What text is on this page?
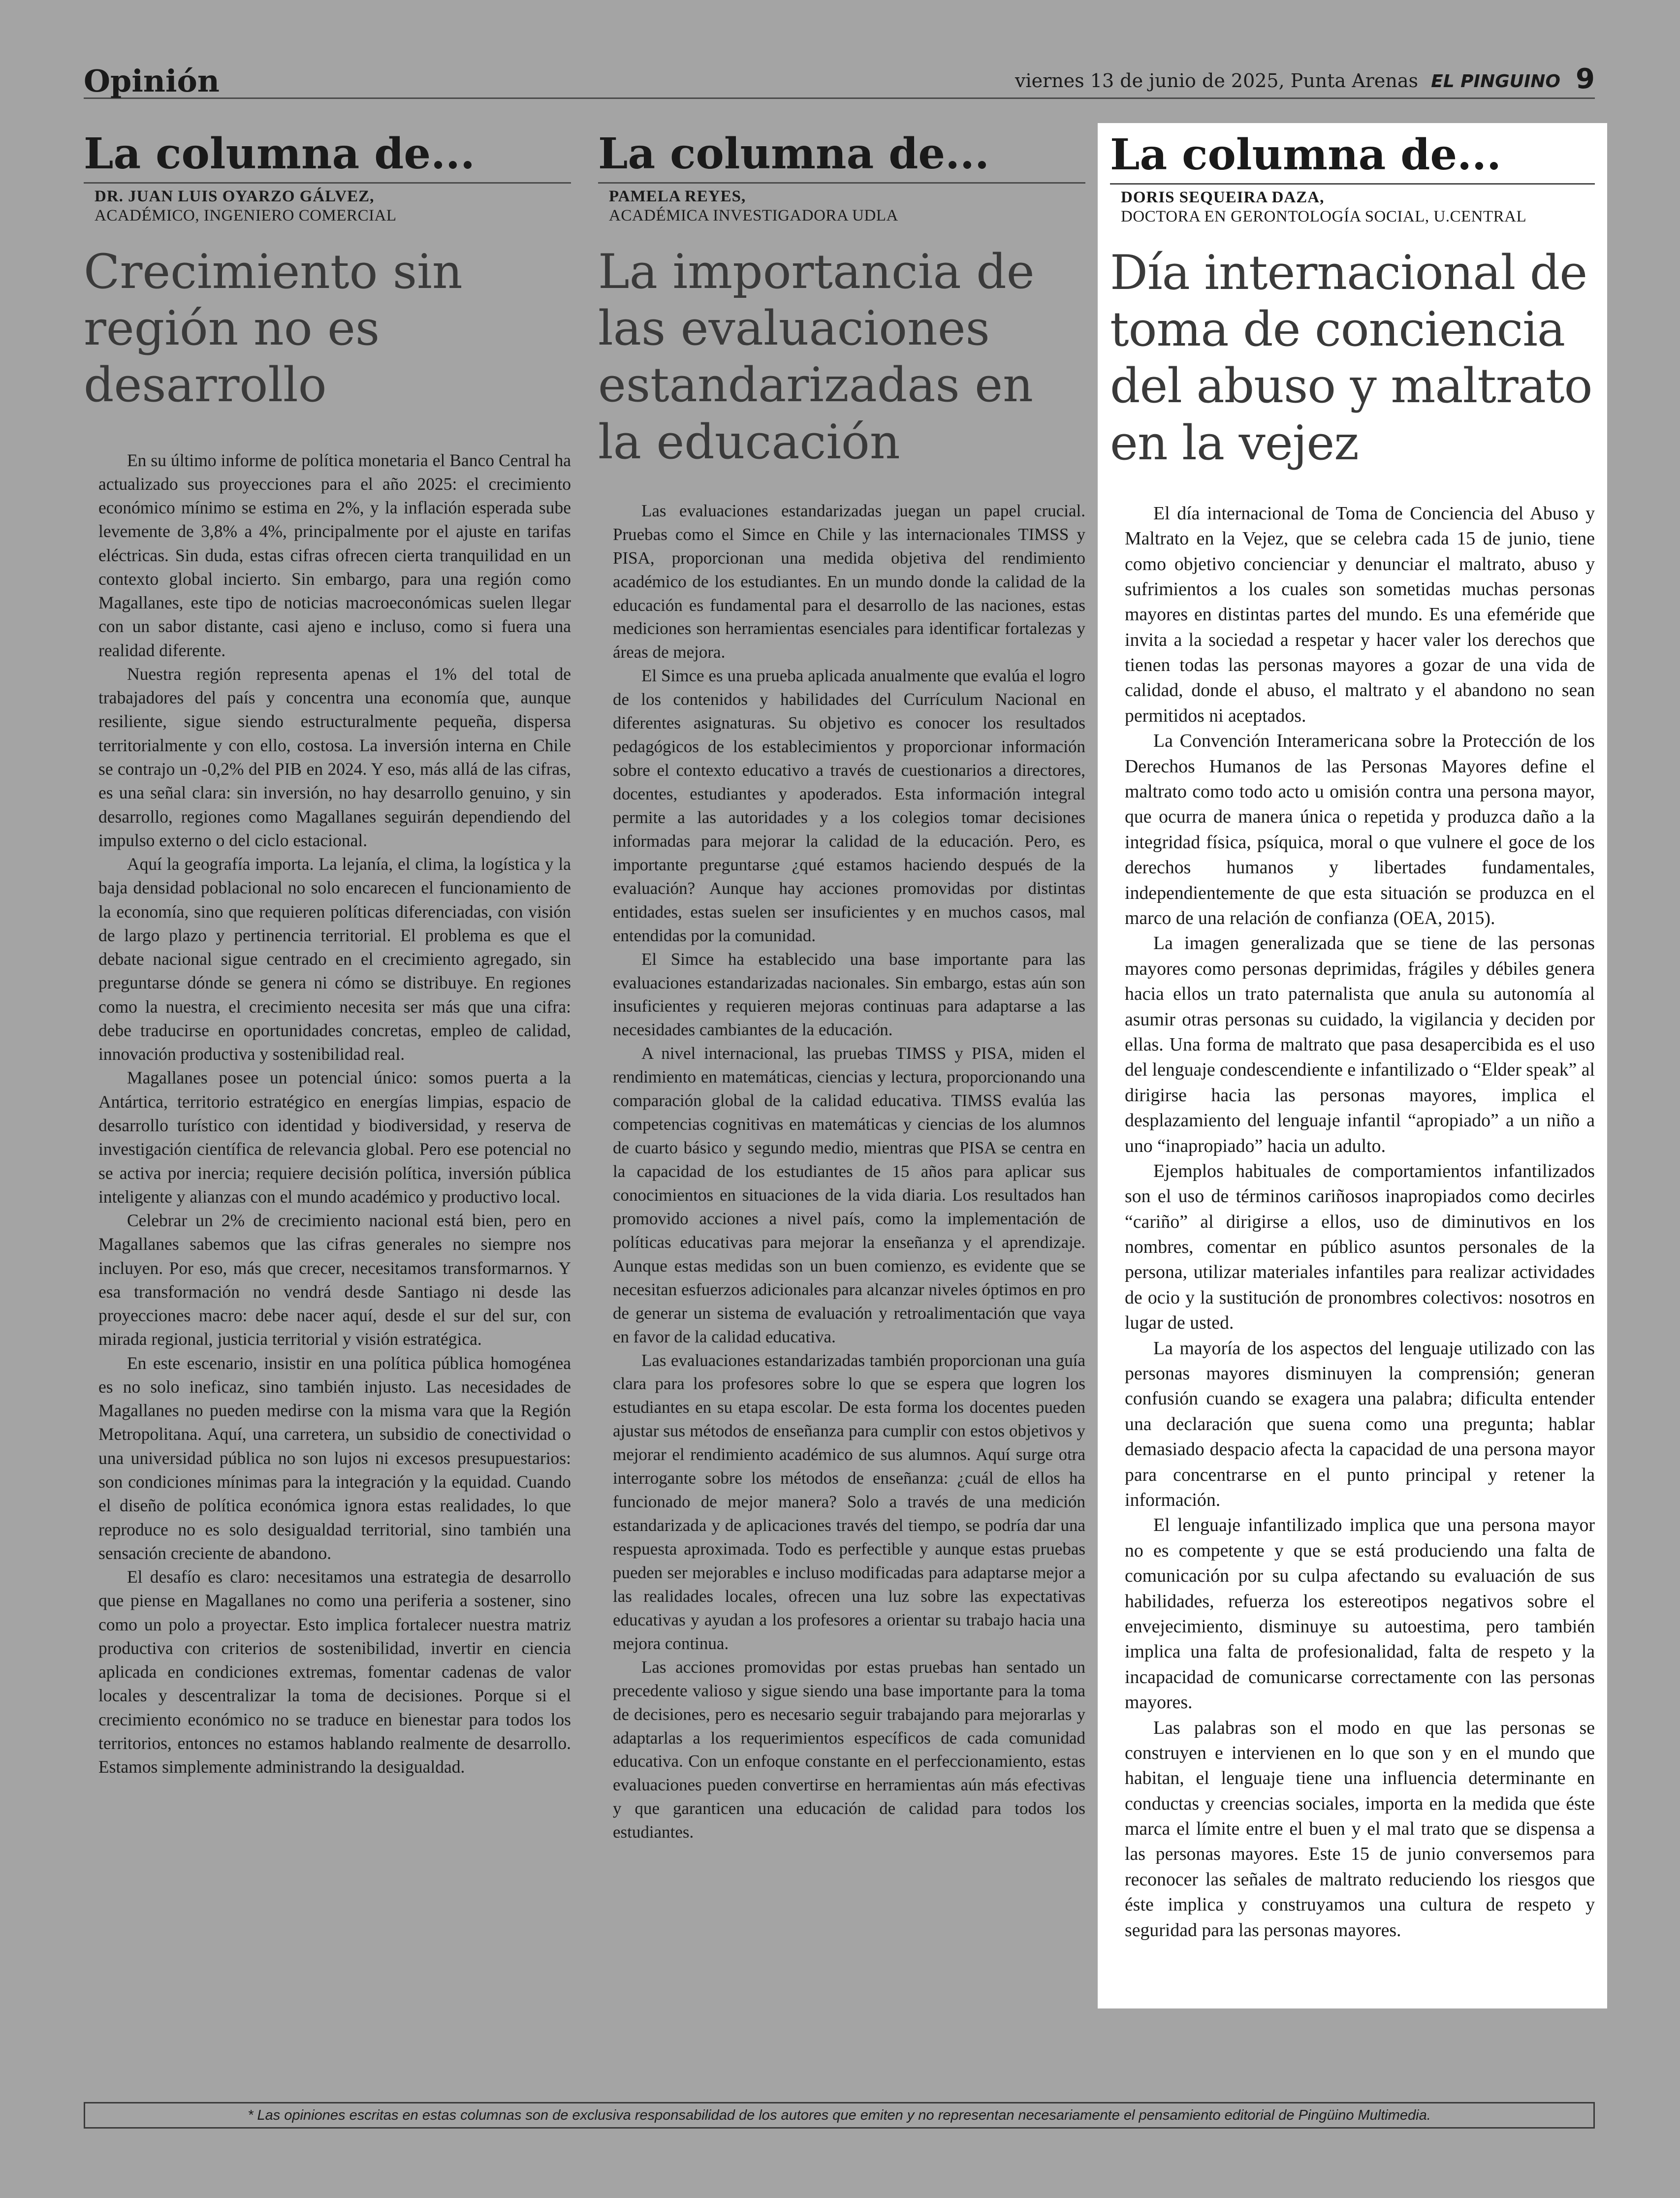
Opinión	viernes 13 de junio de 2025, Punta Arenas EL PINGUINO 9
La columna de...
DR. JUAN LUIS OYARZO GÁLVEZ,
ACADÉMICO, INGENIERO COMERCIAL
Crecimiento sin región no es desarrollo

En su último informe de política monetaria el Banco Central ha actualizado sus proyecciones para el año 2025: el crecimiento económico mínimo se estima en 2%, y la inflación esperada sube levemente de 3,8% a 4%, principalmente por el ajuste en tarifas eléctricas. Sin duda, estas cifras ofrecen cierta tranquilidad en un contexto global incierto. Sin embargo, para una región como Magallanes, este tipo de noticias macroeconómicas suelen llegar con un sabor distante, casi ajeno e incluso, como si fuera una realidad diferente.

Nuestra región representa apenas el 1% del total de trabajadores del país y concentra una economía que, aunque resiliente, sigue siendo estructuralmente pequeña, dispersa territorialmente y con ello, costosa. La inversión interna en Chile se contrajo un -0,2% del PIB en 2024. Y eso, más allá de las cifras, es una señal clara: sin inversión, no hay desarrollo genuino, y sin desarrollo, regiones como Magallanes seguirán dependiendo del impulso externo o del ciclo estacional.

Aquí la geografía importa. La lejanía, el clima, la logística y la baja densidad poblacional no solo encarecen el funcionamiento de la economía, sino que requieren políticas diferenciadas, con visión de largo plazo y pertinencia territorial. El problema es que el debate nacional sigue centrado en el crecimiento agregado, sin preguntarse dónde se genera ni cómo se distribuye. En regiones como la nuestra, el crecimiento necesita ser más que una cifra: debe traducirse en oportunidades concretas, empleo de calidad, innovación productiva y sostenibilidad real.

Magallanes posee un potencial único: somos puerta a la Antártica, territorio estratégico en energías limpias, espacio de desarrollo turístico con identidad y biodiversidad, y reserva de investigación científica de relevancia global. Pero ese potencial no se activa por inercia; requiere decisión política, inversión pública inteligente y alianzas con el mundo académico y productivo local.

Celebrar un 2% de crecimiento nacional está bien, pero en Magallanes sabemos que las cifras generales no siempre nos incluyen. Por eso, más que crecer, necesitamos transformarnos. Y esa transformación no vendrá desde Santiago ni desde las proyecciones macro: debe nacer aquí, desde el sur del sur, con mirada regional, justicia territorial y visión estratégica.

En este escenario, insistir en una política pública homogénea es no solo ineficaz, sino también injusto. Las necesidades de Magallanes no pueden medirse con la misma vara que la Región Metropolitana. Aquí, una carretera, un subsidio de conectividad o una universidad pública no son lujos ni excesos presupuestarios: son condiciones mínimas para la integración y la equidad. Cuando el diseño de política económica ignora estas realidades, lo que reproduce no es solo desigualdad territorial, sino también una sensación creciente de abandono.

El desafío es claro: necesitamos una estrategia de desarrollo que piense en Magallanes no como una periferia a sostener, sino como un polo a proyectar. Esto implica fortalecer nuestra matriz productiva con criterios de sostenibilidad, invertir en ciencia aplicada en condiciones extremas, fomentar cadenas de valor locales y descentralizar la toma de decisiones. Porque si el crecimiento económico no se traduce en bienestar para todos los territorios, entonces no estamos hablando realmente de desarrollo. Estamos simplemente administrando la desigualdad.

La columna de...
PAMELA REYES,
ACADÉMICA INVESTIGADORA UDLA
La importancia de las evaluaciones estandarizadas en la educación

Las evaluaciones estandarizadas juegan un papel crucial. Pruebas como el Simce en Chile y las internacionales TIMSS y PISA, proporcionan una medida objetiva del rendimiento académico de los estudiantes. En un mundo donde la calidad de la educación es fundamental para el desarrollo de las naciones, estas mediciones son herramientas esenciales para identificar fortalezas y áreas de mejora.

El Simce es una prueba aplicada anualmente que evalúa el logro de los contenidos y habilidades del Currículum Nacional en diferentes asignaturas. Su objetivo es conocer los resultados pedagógicos de los establecimientos y proporcionar información sobre el contexto educativo a través de cuestionarios a directores, docentes, estudiantes y apoderados. Esta información integral permite a las autoridades y a los colegios tomar decisiones informadas para mejorar la calidad de la educación. Pero, es importante preguntarse ¿qué estamos haciendo después de la evaluación? Aunque hay acciones promovidas por distintas entidades, estas suelen ser insuficientes y en muchos casos, mal entendidas por la comunidad.

El Simce ha establecido una base importante para las evaluaciones estandarizadas nacionales. Sin embargo, estas aún son insuficientes y requieren mejoras continuas para adaptarse a las necesidades cambiantes de la educación.

A nivel internacional, las pruebas TIMSS y PISA, miden el rendimiento en matemáticas, ciencias y lectura, proporcionando una comparación global de la calidad educativa. TIMSS evalúa las competencias cognitivas en matemáticas y ciencias de los alumnos de cuarto básico y segundo medio, mientras que PISA se centra en la capacidad de los estudiantes de 15 años para aplicar sus conocimientos en situaciones de la vida diaria. Los resultados han promovido acciones a nivel país, como la implementación de políticas educativas para mejorar la enseñanza y el aprendizaje. Aunque estas medidas son un buen comienzo, es evidente que se necesitan esfuerzos adicionales para alcanzar niveles óptimos en pro de generar un sistema de evaluación y retroalimentación que vaya en favor de la calidad educativa.

Las evaluaciones estandarizadas también proporcionan una guía clara para los profesores sobre lo que se espera que logren los estudiantes en su etapa escolar. De esta forma los docentes pueden ajustar sus métodos de enseñanza para cumplir con estos objetivos y mejorar el rendimiento académico de sus alumnos. Aquí surge otra interrogante sobre los métodos de enseñanza: ¿cuál de ellos ha funcionado de mejor manera? Solo a través de una medición estandarizada y de aplicaciones través del tiempo, se podría dar una respuesta aproximada. Todo es perfectible y aunque estas pruebas pueden ser mejorables e incluso modificadas para adaptarse mejor a las realidades locales, ofrecen una luz sobre las expectativas educativas y ayudan a los profesores a orientar su trabajo hacia una mejora continua.

Las acciones promovidas por estas pruebas han sentado un precedente valioso y sigue siendo una base importante para la toma de decisiones, pero es necesario seguir trabajando para mejorarlas y adaptarlas a los requerimientos específicos de cada comunidad educativa. Con un enfoque constante en el perfeccionamiento, estas evaluaciones pueden convertirse en herramientas aún más efectivas y que garanticen una educación de calidad para todos los estudiantes.

La columna de...
DORIS SEQUEIRA DAZA,
DOCTORA EN GERONTOLOGÍA SOCIAL, U.CENTRAL
Día internacional de toma de conciencia del abuso y maltrato en la vejez

El día internacional de Toma de Conciencia del Abuso y Maltrato en la Vejez, que se celebra cada 15 de junio, tiene como objetivo concienciar y denunciar el maltrato, abuso y sufrimientos a los cuales son sometidas muchas personas mayores en distintas partes del mundo. Es una efeméride que invita a la sociedad a respetar y hacer valer los derechos que tienen todas las personas mayores a gozar de una vida de calidad, donde el abuso, el maltrato y el abandono no sean permitidos ni aceptados.

La Convención Interamericana sobre la Protección de los Derechos Humanos de las Personas Mayores define el maltrato como todo acto u omisión contra una persona mayor, que ocurra de manera única o repetida y produzca daño a la integridad física, psíquica, moral o que vulnere el goce de los derechos humanos y libertades fundamentales, independientemente de que esta situación se produzca en el marco de una relación de confianza (OEA, 2015).

La imagen generalizada que se tiene de las personas mayores como personas deprimidas, frágiles y débiles genera hacia ellos un trato paternalista que anula su autonomía al asumir otras personas su cuidado, la vigilancia y deciden por ellas. Una forma de maltrato que pasa desapercibida es el uso del lenguaje condescendiente e infantilizado o “Elder speak” al dirigirse hacia las personas mayores, implica el desplazamiento del lenguaje infantil “apropiado” a un niño a uno “inapropiado” hacia un adulto.

Ejemplos habituales de comportamientos infantilizados son el uso de términos cariñosos inapropiados como decirles “cariño” al dirigirse a ellos, uso de diminutivos en los nombres, comentar en público asuntos personales de la persona, utilizar materiales infantiles para realizar actividades de ocio y la sustitución de pronombres colectivos: nosotros en lugar de usted.

La mayoría de los aspectos del lenguaje utilizado con las personas mayores disminuyen la comprensión; generan confusión cuando se exagera una palabra; dificulta entender una declaración que suena como una pregunta; hablar demasiado despacio afecta la capacidad de una persona mayor para concentrarse en el punto principal y retener la información.

El lenguaje infantilizado implica que una persona mayor no es competente y que se está produciendo una falta de comunicación por su culpa afectando su evaluación de sus habilidades, refuerza los estereotipos negativos sobre el envejecimiento, disminuye su autoestima, pero también implica una falta de profesionalidad, falta de respeto y la incapacidad de comunicarse correctamente con las personas mayores.

Las palabras son el modo en que las personas se construyen e intervienen en lo que son y en el mundo que habitan, el lenguaje tiene una influencia determinante en conductas y creencias sociales, importa en la medida que éste marca el límite entre el buen y el mal trato que se dispensa a las personas mayores. Este 15 de junio conversemos para reconocer las señales de maltrato reduciendo los riesgos que éste implica y construyamos una cultura de respeto y seguridad para las personas mayores.

* Las opiniones escritas en estas columnas son de exclusiva responsabilidad de los autores que emiten y no representan necesariamente el pensamiento editorial de Pingüino Multimedia.
